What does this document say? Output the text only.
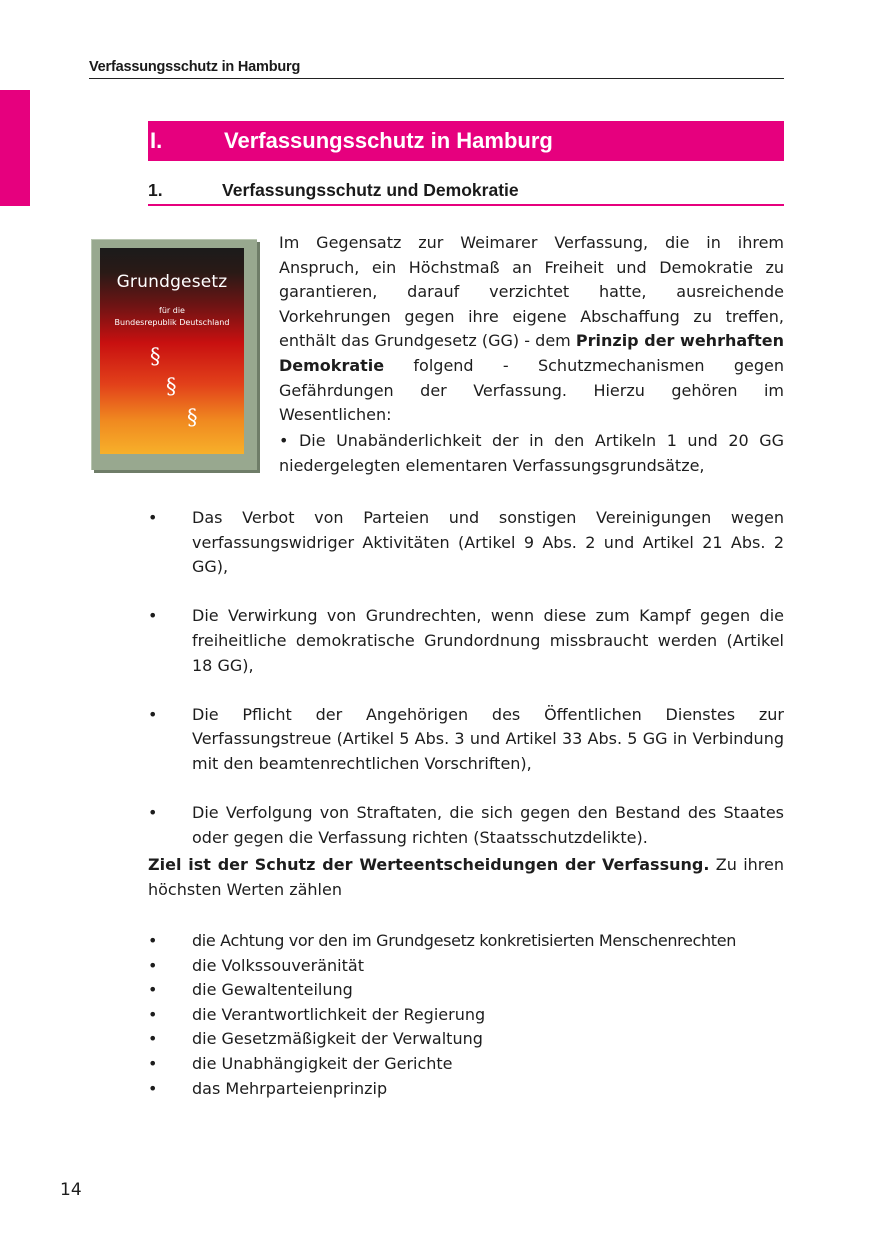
Verfassungsschutz in Hamburg
I.	Verfassungsschutz in Hamburg
1.	Verfassungsschutz und Demokratie
Grundgesetz
für die
Bundesrepublik Deutschland
§
§
§
Im Gegensatz zur Weimarer Verfassung, die in ihrem Anspruch, ein Höchstmaß an Freiheit und Demokratie zu garantieren, darauf verzichtet hatte, ausreichende Vorkehrungen gegen ihre eigene Abschaffung zu treffen, enthält das Grundgesetz (GG) - dem Prinzip der wehrhaften Demokratie folgend - Schutzmechanismen gegen Gefährdungen der Verfassung. Hierzu gehören im Wesentlichen:
• Die Unabänderlichkeit der in den Artikeln 1 und 20 GG niedergelegten elementaren Verfassungsgrundsätze,
• Das Verbot von Parteien und sonstigen Vereinigungen wegen verfassungswidriger Aktivitäten (Artikel 9 Abs. 2 und Artikel 21 Abs. 2 GG),
• Die Verwirkung von Grundrechten, wenn diese zum Kampf gegen die freiheitliche demokratische Grundordnung missbraucht werden (Artikel 18 GG),
• Die Pflicht der Angehörigen des Öffentlichen Dienstes zur Verfassungstreue (Artikel 5 Abs. 3 und Artikel 33 Abs. 5 GG in Verbindung mit den beamtenrechtlichen Vorschriften),
• Die Verfolgung von Straftaten, die sich gegen den Bestand des Staates oder gegen die Verfassung richten (Staatsschutzdelikte).
Ziel ist der Schutz der Werteentscheidungen der Verfassung. Zu ihren höchsten Werten zählen
• die Achtung vor den im Grundgesetz konkretisierten Menschenrechten
• die Volkssouveränität
• die Gewaltenteilung
• die Verantwortlichkeit der Regierung
• die Gesetzmäßigkeit der Verwaltung
• die Unabhängigkeit der Gerichte
• das Mehrparteienprinzip
14
